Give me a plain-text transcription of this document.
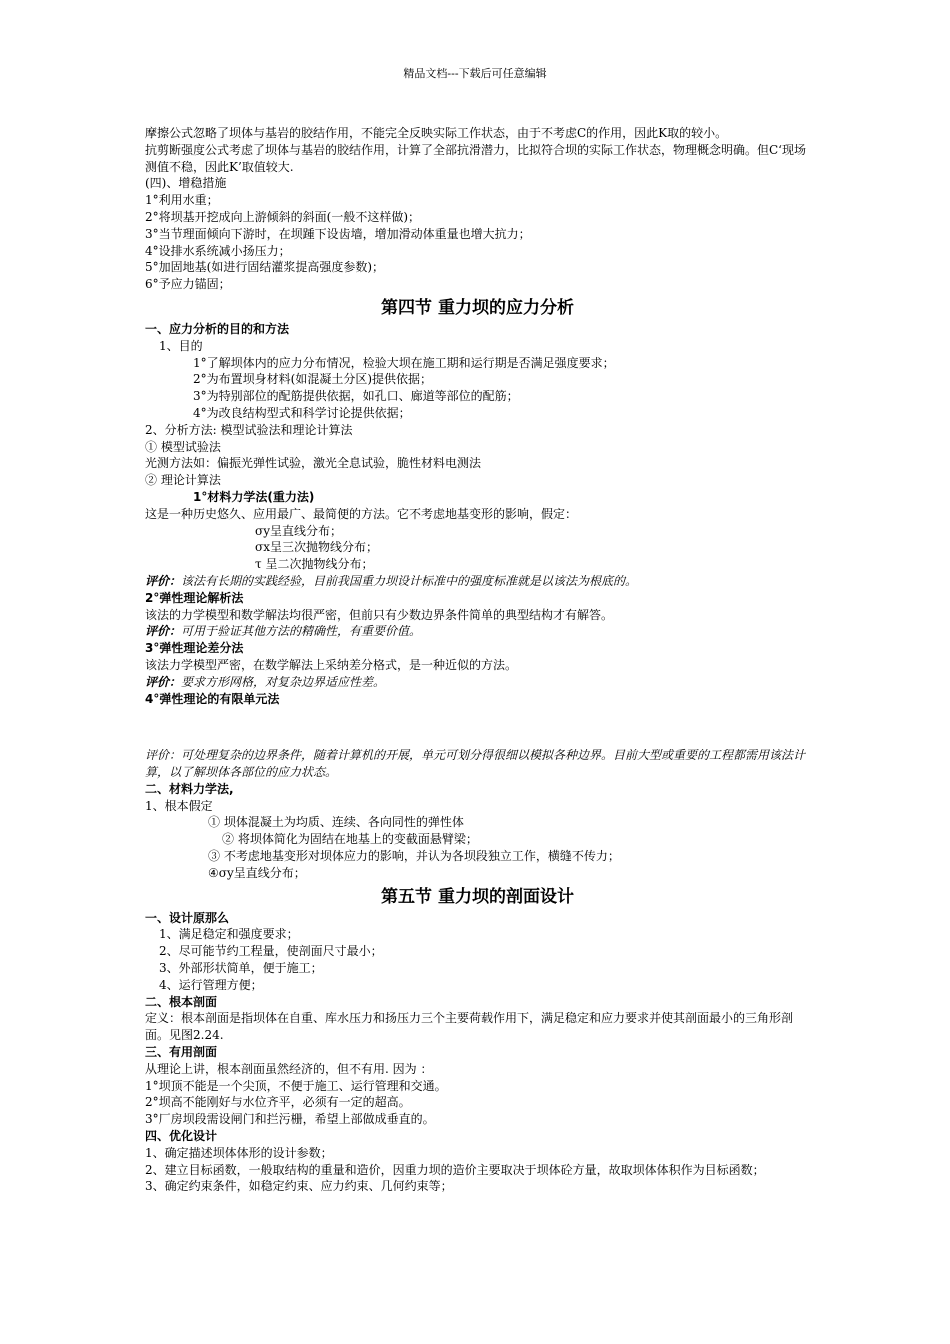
精品文档---下载后可任意编辑

摩擦公式忽略了坝体与基岩的胶结作用，不能完全反映实际工作状态，由于不考虑C的作用，因此K取的较小。

抗剪断强度公式考虑了坝体与基岩的胶结作用，计算了全部抗滑潜力，比拟符合坝的实际工作状态，物理概念明确。但C‘现场测值不稳，因此K’取值较大.

(四)、增稳措施

1°利用水重；

2°将坝基开挖成向上游倾斜的斜面(一般不这样做)；

3°当节理面倾向下游时，在坝踵下设齿墙，增加滑动体重量也增大抗力；

4°设排水系统减小扬压力；

5°加固地基(如进行固结灌浆提高强度参数)；

6°予应力锚固；

第四节 重力坝的应力分析

一、应力分析的目的和方法

1、目的

1°了解坝体内的应力分布情况，检验大坝在施工期和运行期是否满足强度要求；

2°为布置坝身材料(如混凝土分区)提供依据；

3°为特别部位的配筋提供依据，如孔口、廊道等部位的配筋；

4°为改良结构型式和科学讨论提供依据；

2、分析方法: 模型试验法和理论计算法

① 模型试验法

光测方法如：偏振光弹性试验，激光全息试验，脆性材料电测法

② 理论计算法

1°材料力学法(重力法)

这是一种历史悠久、应用最广、最简便的方法。它不考虑地基变形的影响，假定：

σy呈直线分布；

σx呈三次抛物线分布；

τ 呈二次抛物线分布；

评价：该法有长期的实践经验，目前我国重力坝设计标准中的强度标准就是以该法为根底的。

2°弹性理论解析法

该法的力学模型和数学解法均很严密，但前只有少数边界条件简单的典型结构才有解答。

评价：可用于验证其他方法的精确性，有重要价值。

3°弹性理论差分法

该法力学模型严密，在数学解法上采纳差分格式，是一种近似的方法。

评价：要求方形网格，对复杂边界适应性差。

4°弹性理论的有限单元法

评价：可处理复杂的边界条件，随着计算机的开展，单元可划分得很细以模拟各种边界。目前大型或重要的工程都需用该法计算，以了解坝体各部位的应力状态。

二、材料力学法,

1、根本假定

① 坝体混凝土为均质、连续、各向同性的弹性体

② 将坝体简化为固结在地基上的变截面悬臂梁；

③ 不考虑地基变形对坝体应力的影响，并认为各坝段独立工作，横缝不传力；

④σy呈直线分布；

第五节 重力坝的剖面设计

一、设计原那么

1、满足稳定和强度要求；

2、尽可能节约工程量，使剖面尺寸最小；

3、外部形状简单，便于施工；

4、运行管理方便；

二、根本剖面

定义：根本剖面是指坝体在自重、库水压力和扬压力三个主要荷载作用下，满足稳定和应力要求并使其剖面最小的三角形剖面。见图2.24.

三、有用剖面

从理论上讲，根本剖面虽然经济的，但不有用. 因为 ：

1°坝顶不能是一个尖顶，不便于施工、运行管理和交通。

2°坝高不能刚好与水位齐平，必须有一定的超高。

3°厂房坝段需设闸门和拦污栅，希望上部做成垂直的。

四、优化设计

1、确定描述坝体体形的设计参数；

2、建立目标函数，一般取结构的重量和造价，因重力坝的造价主要取决于坝体砼方量，故取坝体体积作为目标函数；

3、确定约束条件，如稳定约束、应力约束、几何约束等；
